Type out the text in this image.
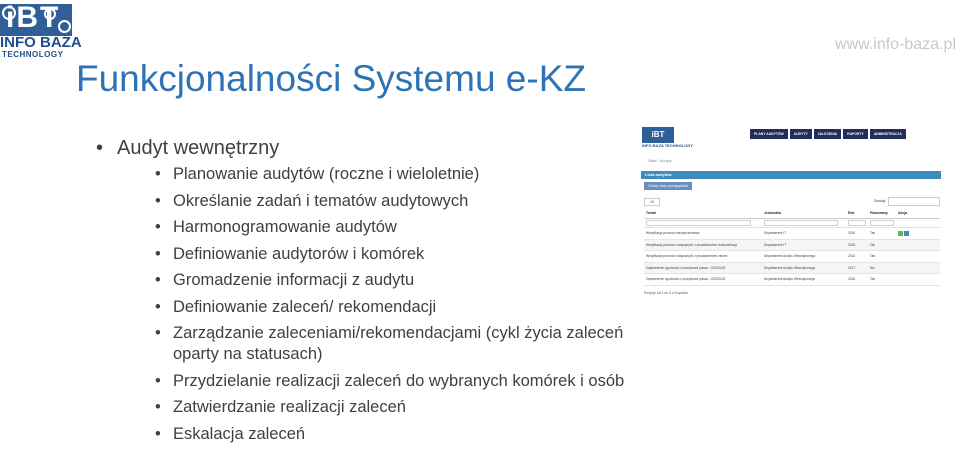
iBT
INFO BAZA
TECHNOLOGY
www.info-baza.pl
Funkcjonalności Systemu e-KZ
• Audyt wewnętrzny
• Planowanie audytów (roczne i wieloletnie)
• Określanie zadań i tematów audytowych
• Harmonogramowanie audytów
• Definiowanie audytorów i komórek
• Gromadzenie informacji z audytu
• Definiowanie zaleceń/ rekomendacji
• Zarządzanie zaleceniami/rekomendacjami (cykl życia zaleceń oparty na statusach)
• Przydzielanie realizacji zaleceń do wybranych komórek i osób
• Zatwierdzanie realizacji zaleceń
• Eskalacja zaleceń
iBT
INFO BAZA TECHNOLOGY
PLANY AUDYTÓW	AUDYTY	ZALECENIA	RAPORTY	ADMINISTRACJA
Start / Audyty
Lista audytów
Dodaj nowy przeglądarki
10	Szukaj:
Temat	Jednostka	Rok	Planowany	Akcja

Weryfikacja procedur bezpieczeństwa	Departament IT	2016	Tak	
Weryfikacja procedur związanych z prowadzeniem dokumentacji	Departament IT	2015	Tak	
Weryfikacja procedur związanych z prowadzeniem zleceń	Departament Audytu Wewnętrznego	2016	Tak	
Zapewnienie zgodności z przepisami prawa - GODO/UE	Departament Audytu Wewnętrznego	2017	Nie	
Zapewnienie zgodności z przepisami prawa - GODO/UE	Departament Audytu Wewnętrznego	2016	Tak	
Pozycje od 1 do 5 z 5 łącznie
